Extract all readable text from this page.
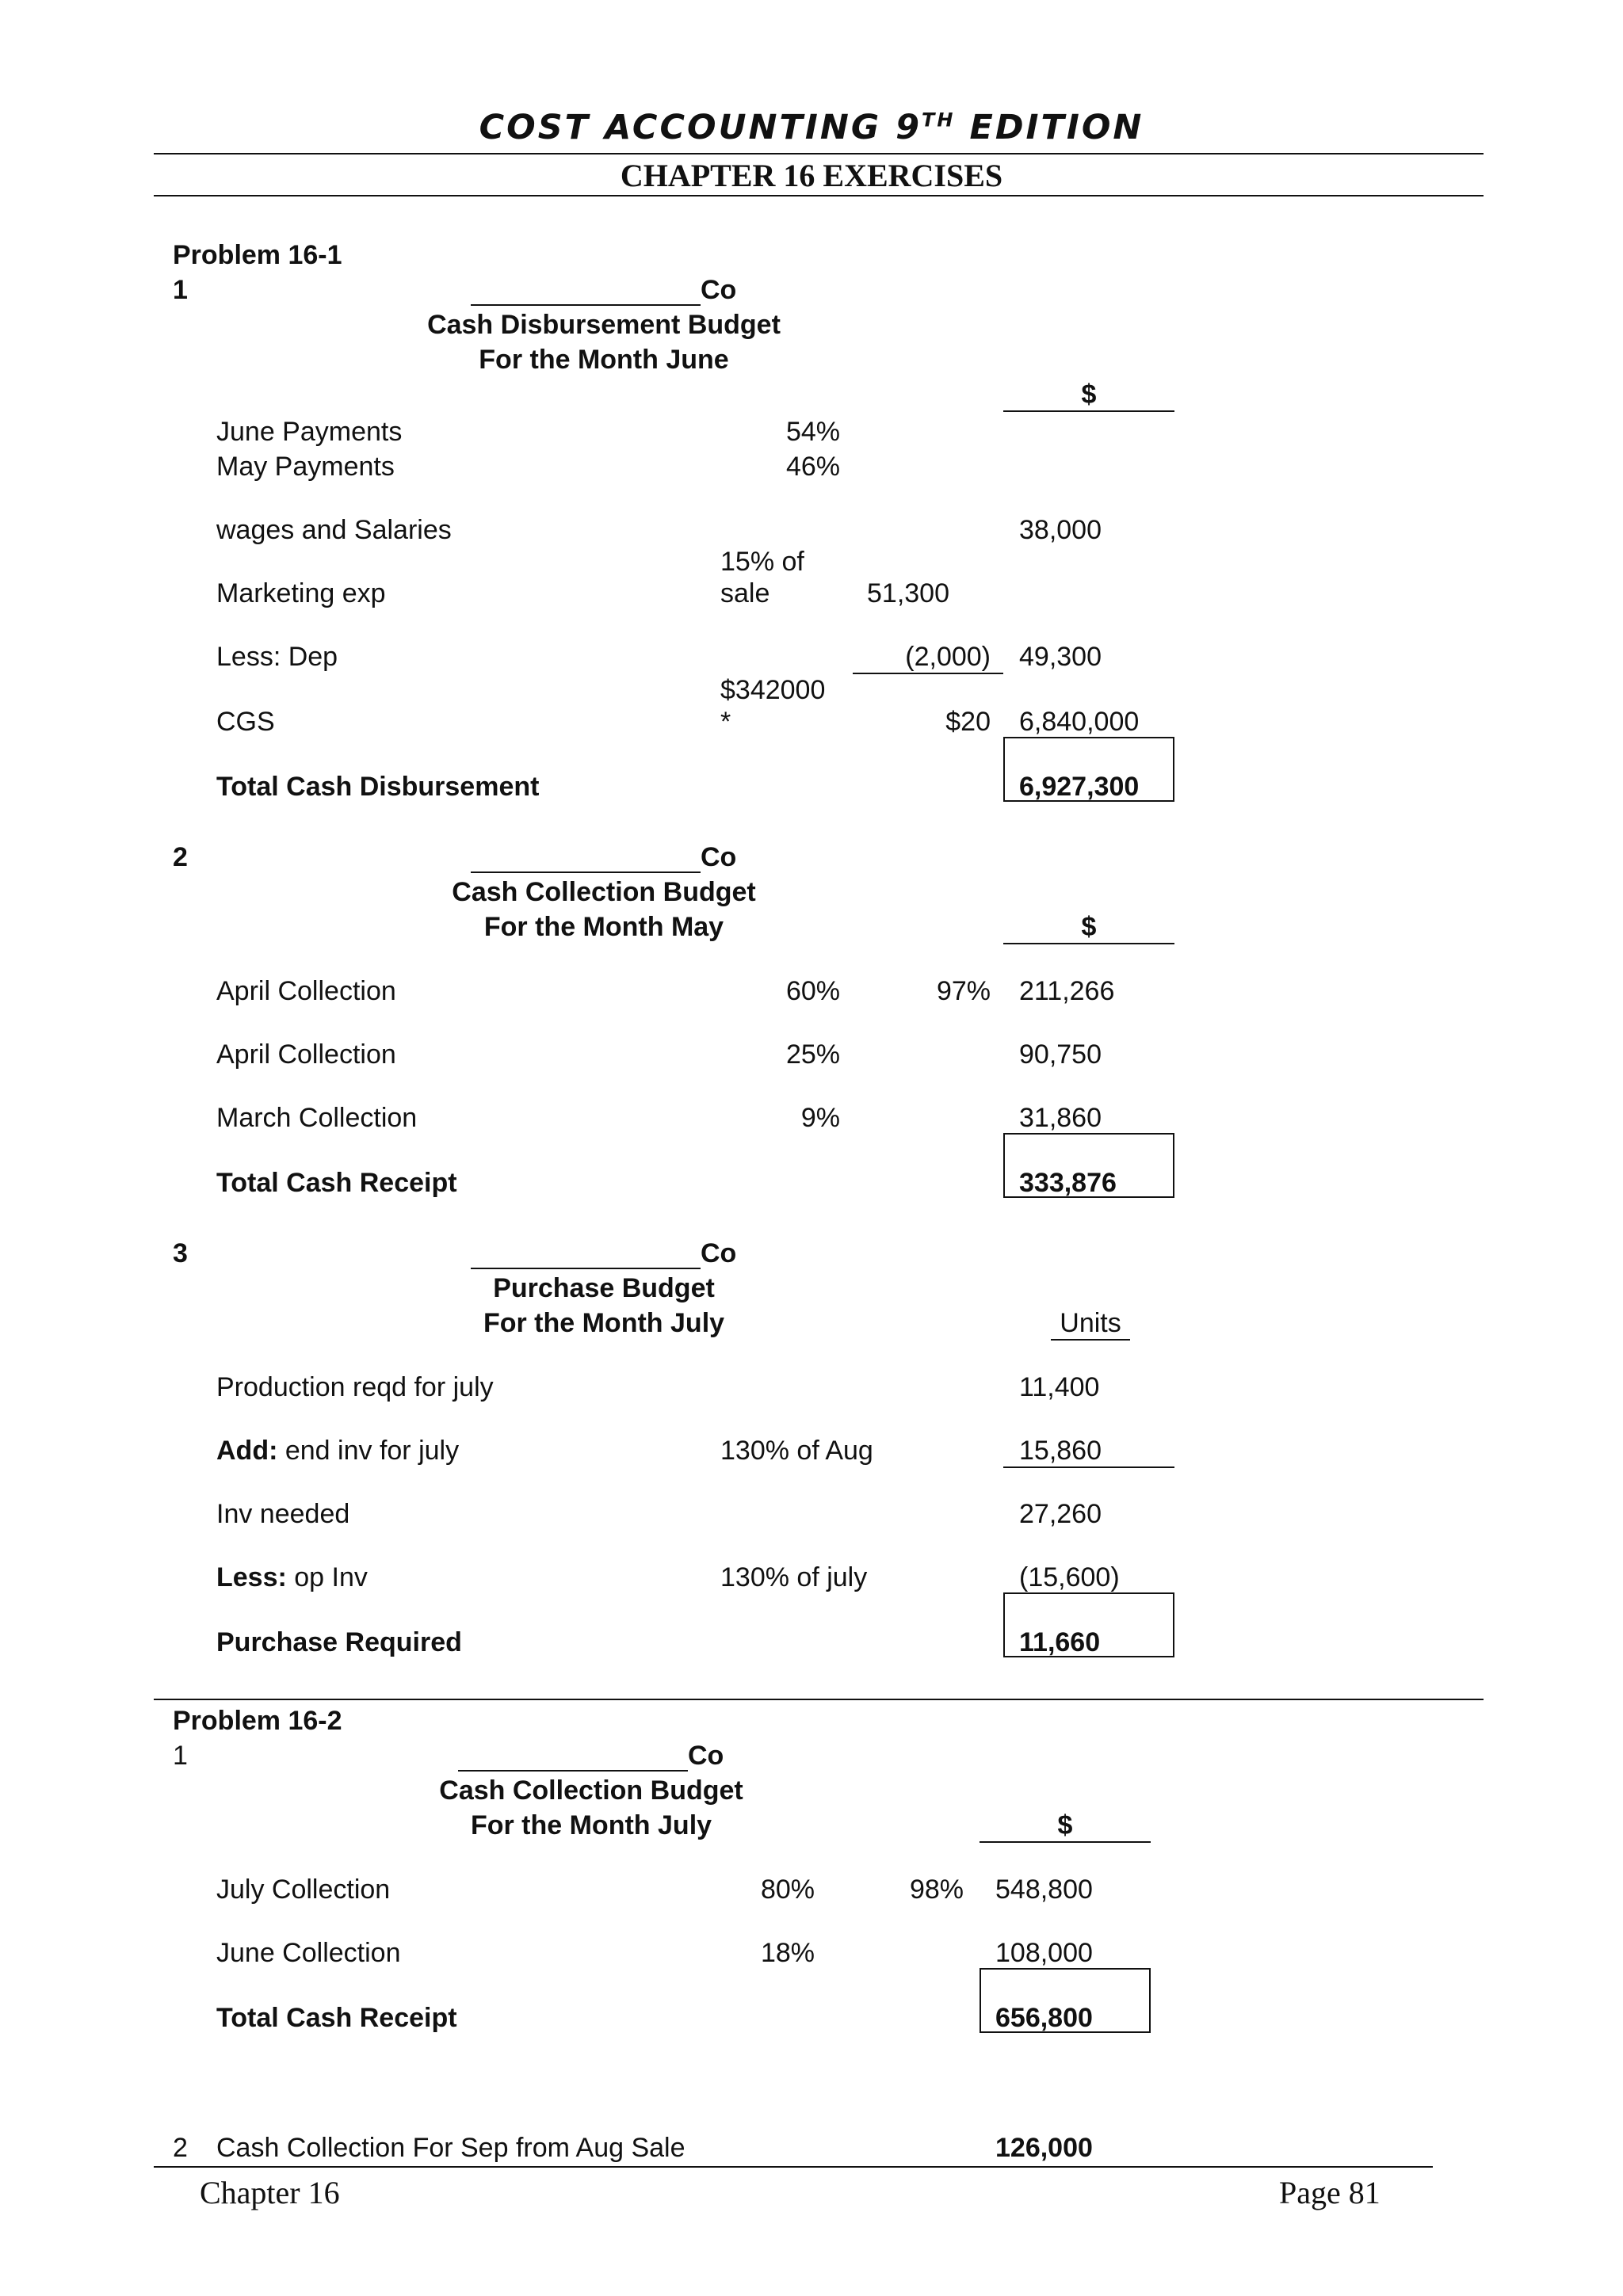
COST ACCOUNTING 9TH EDITION
CHAPTER 16 EXERCISES
Problem 16-1
1	Co
Cash Disbursement Budget
For the Month June
$
June Payments	54%
May Payments	46%
wages and Salaries	38,000
15% of
Marketing exp	sale	51,300
Less: Dep	(2,000) 49,300
$342000
CGS	*	$20 6,840,000
Total Cash Disbursement	6,927,300
2	Co
Cash Collection Budget
For the Month May	$
April Collection	60%	97% 211,266
April Collection	25%	90,750
March Collection	9%	31,860
Total Cash Receipt	333,876
3	Co
Purchase Budget
For the Month July	Units
Production reqd for july	11,400
Add: end inv for july	130% of Aug	15,860
Inv needed	27,260
Less: op Inv	130% of july	(15,600)
Purchase Required	11,660
Problem 16-2
1	Co
Cash Collection Budget
For the Month July	$
July Collection	80%	98% 548,800
June Collection	18%	108,000
Total Cash Receipt	656,800
2 Cash Collection For Sep from Aug Sale	126,000
Chapter 16	Page 81
